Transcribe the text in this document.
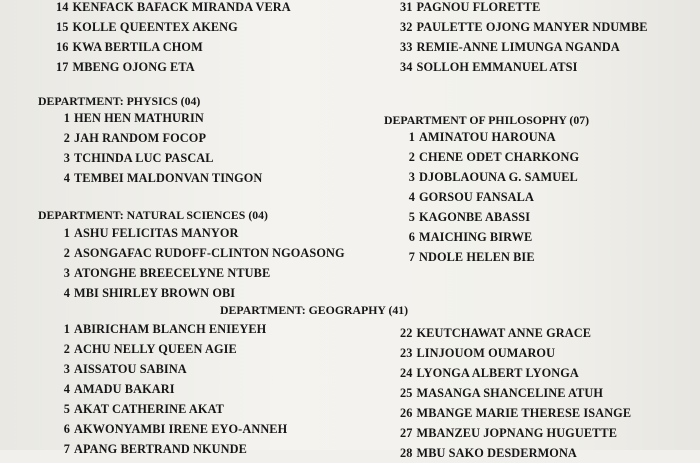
14 KENFACK BAFACK MIRANDA VERA
15 KOLLE QUEENTEX AKENG
16 KWA BERTILA CHOM
17 MBENG OJONG ETA
31 PAGNOU FLORETTE
32 PAULETTE OJONG MANYER NDUMBE
33 REMIE-ANNE LIMUNGA NGANDA
34 SOLLOH EMMANUEL ATSI
DEPARTMENT: PHYSICS (04)
1 HEN HEN MATHURIN
2 JAH RANDOM FOCOP
3 TCHINDA LUC PASCAL
4 TEMBEI MALDONVAN TINGON
DEPARTMENT OF PHILOSOPHY (07)
1 AMINATOU HAROUNA
2 CHENE ODET CHARKONG
3 DJOBLAOUNA G. SAMUEL
4 GORSOU FANSALA
5 KAGONBE ABASSI
6 MAICHING BIRWE
7 NDOLE HELEN BIE
DEPARTMENT: NATURAL SCIENCES (04)
1 ASHU FELICITAS MANYOR
2 ASONGAFAC RUDOFF-CLINTON NGOASONG
3 ATONGHE BREECELYNE NTUBE
4 MBI SHIRLEY BROWN OBI
DEPARTMENT: GEOGRAPHY (41)
1 ABIRICHAM BLANCH ENIEYEH
2 ACHU NELLY QUEEN AGIE
3 AISSATOU SABINA
4 AMADU BAKARI
5 AKAT CATHERINE AKAT
6 AKWONYAMBI IRENE EYO-ANNEH
7 APANG BERTRAND NKUNDE
22 KEUTCHAWAT ANNE GRACE
23 LINJOUOM OUMAROU
24 LYONGA ALBERT LYONGA
25 MASANGA SHANCELINE ATUH
26 MBANGE MARIE THERESE ISANGE
27 MBANZEU JOPNANG HUGUETTE
28 MBU SAKO DESDERMONA
